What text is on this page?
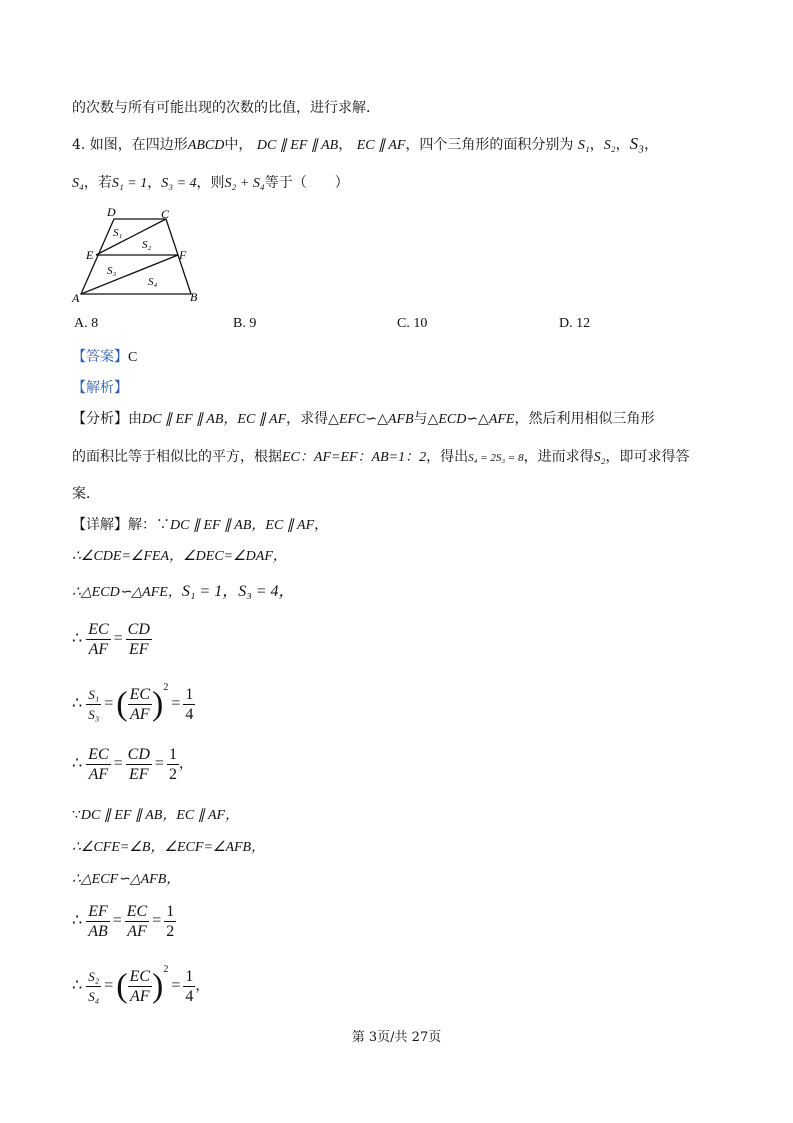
的次数与所有可能出现的次数的比值，进行求解．
4. 如图，在四边形ABCD中， DC ∥ EF ∥ AB， EC ∥ AF，四个三角形的面积分别为 S₁，S₂，S₃，
S₄，若S₁ = 1，S₃ = 4，则S₂ + S₄等于（　　）
D	C
E	F
A	B
S₁
S₂
S₃
S₄
A. 8	B. 9	C. 10	D. 12
【答案】C
【解析】
【分析】由DC ∥ EF ∥ AB，EC ∥ AF，求得△EFC∽△AFB与△ECD∽△AFE，然后利用相似三角形
的面积比等于相似比的平方，根据EC：AF=EF：AB=1：2，得出S₄ = 2S₃ = 8，进而求得S₂，即可求得答
案．
【详解】解：∵DC ∥ EF ∥ AB，EC ∥ AF，
∴∠CDE=∠FEA，∠DEC=∠DAF，
∴△ECD∽△AFE，S₁ = 1，S₃ = 4，
∴ $\frac{EC}{AF} = \frac{CD}{EF}$
∴ $\frac{\text{S₁}}{\text{S₃}}$ =( $\frac{EC}{AF} )^2= \frac{1}{4}$
∴ $\frac{EC}{AF} = \frac{CD}{EF} = \frac{1}{2}$ ，
∵DC ∥ EF ∥ AB，EC ∥ AF，
∴∠CFE=∠B，∠ECF=∠AFB，
∴△ECF∽△AFB，
∴ $\frac{EF}{AB} = \frac{EC}{AF} = \frac{1}{2}$
∴ $\frac{\text{S₂}}{\text{S₄}}$ =( $\frac{EC}{AF} )^2= \frac{1}{4}$ ，
第 3页/共 27页
